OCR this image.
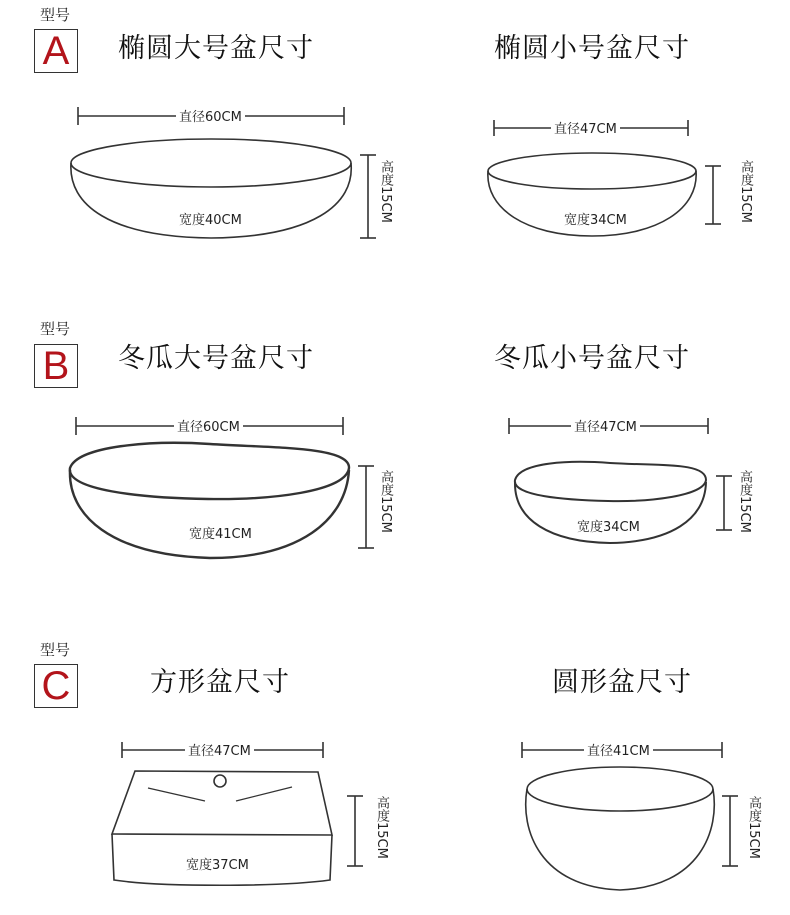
型号
A	椭圆大号盆尺寸	椭圆小号盆尺寸
直径60CM
宽度40CM	高度15CM
直径47CM
宽度34CM	高度15CM
型号
B	冬瓜大号盆尺寸	冬瓜小号盆尺寸
直径60CM
宽度41CM
高度15CM
直径47CM
宽度34CM	高度15CM
型号
C	方形盆尺寸	圆形盆尺寸
直径47CM
宽度37CM
高度15CM
直径41CM
高度15CM
